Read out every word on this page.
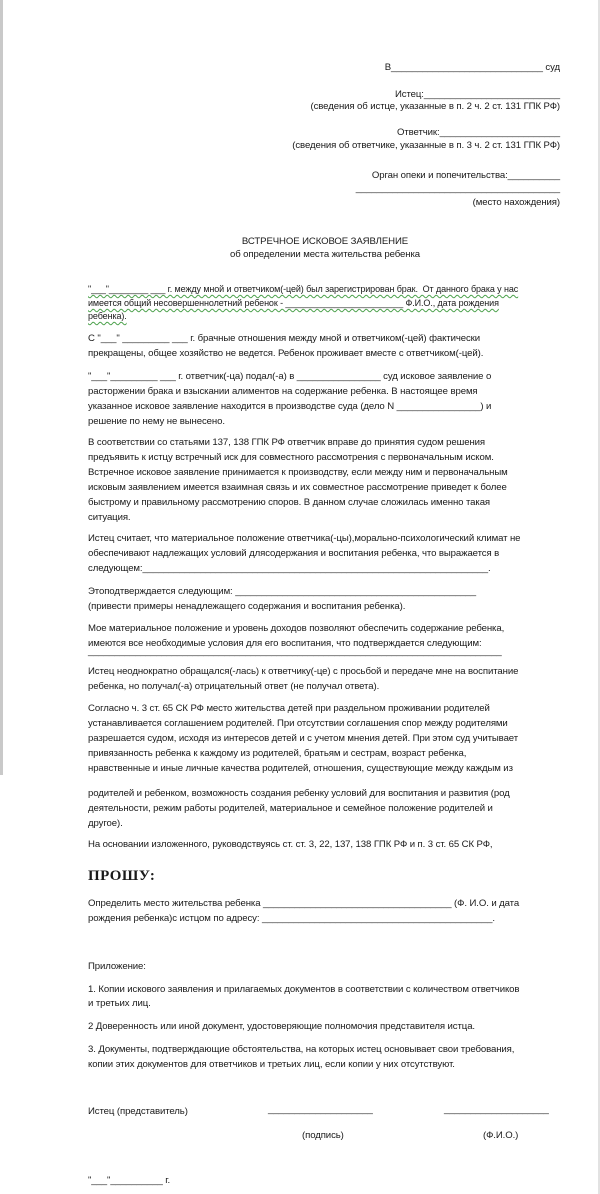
В_____________________________ суд
Истец:__________________________
(сведения об истце, указанные в п. 2 ч. 2 ст. 131 ГПК РФ)
Ответчик:_______________________
(сведения об ответчике, указанные в п. 3 ч. 2 ст. 131 ГПК РФ)
Орган опеки и попечительства:__________
_______________________________________
(место нахождения)
ВСТРЕЧНОЕ ИСКОВОЕ ЗАЯВЛЕНИЕ
об определении места жительства ребенка
"___"________ ___ г. между мной и ответчиком(-цей) был зарегистрирован брак.  От данного брака у нас
имеется общий несовершеннолетний ребенок - ________________________ Ф.И.О., дата рождения
ребенка).
С "___" _________ ___ г. брачные отношения между мной и ответчиком(-цей) фактически
прекращены, общее хозяйство не ведется. Ребенок проживает вместе с ответчиком(-цей).
"___"_________ ___ г. ответчик(-ца) подал(-а) в ________________ суд исковое заявление о
расторжении брака и взыскании алиментов на содержание ребенка. В настоящее время
указанное исковое заявление находится в производстве суда (дело N ________________) и
решение по нему не вынесено.
В соответствии со статьями 137, 138 ГПК РФ ответчик вправе до принятия судом решения
предъявить к истцу встречный иск для совместного рассмотрения с первоначальным иском.
Встречное исковое заявление принимается к производству, если между ним и первоначальным
исковым заявлением имеется взаимная связь и их совместное рассмотрение приведет к более
быстрому и правильному рассмотрению споров. В данном случае сложилась именно такая
ситуация.
Истец считает, что материальное положение ответчика(-цы),морально-психологический климат не
обеспечивают надлежащих условий длясодержания и воспитания ребенка, что выражается в
следующем:__________________________________________________________________.
Этоподтверждается следующим: ______________________________________________
(привести примеры ненадлежащего содержания и воспитания ребенка).
Мое материальное положение и уровень доходов позволяют обеспечить содержание ребенка,
имеются все необходимые условия для его воспитания, что подтверждается следующим:
_______________________________________________________________________________
Истец неоднократно обращался(-лась) к ответчику(-це) с просьбой и передаче мне на воспитание
ребенка, но получал(-а) отрицательный ответ (не получал ответа).
Согласно ч. 3 ст. 65 СК РФ место жительства детей при раздельном проживании родителей
устанавливается соглашением родителей. При отсутствии соглашения спор между родителями
разрешается судом, исходя из интересов детей и с учетом мнения детей. При этом суд учитывает
привязанность ребенка к каждому из родителей, братьям и сестрам, возраст ребенка,
нравственные и иные личные качества родителей, отношения, существующие между каждым из
родителей и ребенком, возможность создания ребенку условий для воспитания и развития (род
деятельности, режим работы родителей, материальное и семейное положение родителей и
другое).
На основании изложенного, руководствуясь ст. ст. 3, 22, 137, 138 ГПК РФ и п. 3 ст. 65 СК РФ,
ПРОШУ:
Определить место жительства ребенка ____________________________________ (Ф. И.О. и дата
рождения ребенка)с истцом по адресу: ____________________________________________.
Приложение:
1. Копии искового заявления и прилагаемых документов в соответствии с количеством ответчиков
и третьих лиц.
2 Доверенность или иной документ, удостоверяющие полномочия представителя истца.
3. Документы, подтверждающие обстоятельства, на которых истец основывает свои требования,
копии этих документов для ответчиков и третьих лиц, если копии у них отсутствуют.
Истец (представитель)	____________________	____________________
(подпись)	(Ф.И.О.)
"___"__________ г.
